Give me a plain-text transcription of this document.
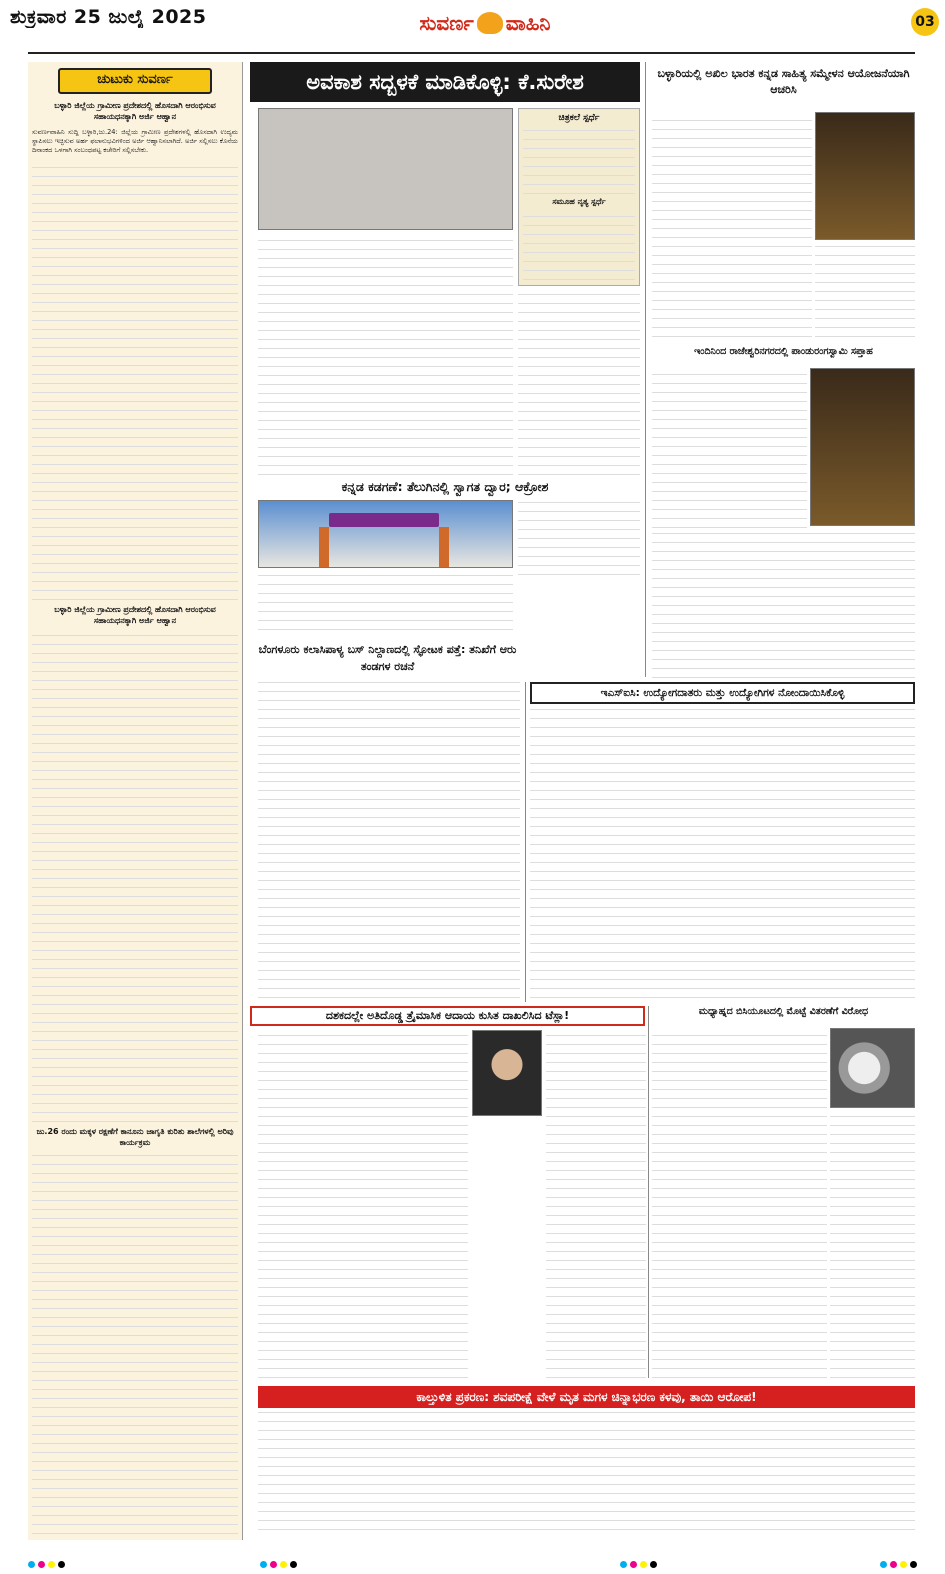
ಶುಕ್ರವಾರ 25 ಜುಲೈ 2025	ಸುವರ್ಣ ವಾಹಿನಿ	03
ಚುಟುಕು ಸುವರ್ಣ
ಬಳ್ಳಾರಿ ಜಿಲ್ಲೆಯ ಗ್ರಾಮೀಣ ಪ್ರದೇಶದಲ್ಲಿ ಹೊಸದಾಗಿ ಆರಂಭಿಸುವ ಸಹಾಯಧನಕ್ಕಾಗಿ ಅರ್ಜಿ ಆಹ್ವಾನ
ಸುವರ್ಣವಾಹಿನಿ ಸುದ್ದಿ ಬಳ್ಳಾರಿ,ಜು.24: ಜಿಲ್ಲೆಯ ಗ್ರಾಮೀಣ ಪ್ರದೇಶಗಳಲ್ಲಿ ಹೊಸದಾಗಿ ಉದ್ಯಮ ಸ್ಥಾಪಿಸಲು ಇಚ್ಛಿಸುವ ಅರ್ಹ ಫಲಾನುಭವಿಗಳಿಂದ ಅರ್ಜಿ ಆಹ್ವಾನಿಸಲಾಗಿದೆ. ಅರ್ಜಿ ಸಲ್ಲಿಸಲು ಕೊನೆಯ ದಿನಾಂಕದ ಒಳಗಾಗಿ ಸಂಬಂಧಪಟ್ಟ ಕಚೇರಿಗೆ ಸಲ್ಲಿಸಬೇಕು.
ಬಳ್ಳಾರಿ ಜಿಲ್ಲೆಯ ಗ್ರಾಮೀಣ ಪ್ರದೇಶದಲ್ಲಿ ಹೊಸದಾಗಿ ಆರಂಭಿಸುವ ಸಹಾಯಧನಕ್ಕಾಗಿ ಅರ್ಜಿ ಆಹ್ವಾನ
ಜು.26 ರಂದು ಮಕ್ಕಳ ರಕ್ಷಣೆಗೆ ಕಾನೂನು ಜಾಗೃತಿ ಕುರಿತು ಶಾಲೆಗಳಲ್ಲಿ ಅರಿವು ಕಾರ್ಯಕ್ರಮ
ಅವಕಾಶ ಸದ್ಬಳಕೆ ಮಾಡಿಕೊಳ್ಳಿ: ಕೆ.ಸುರೇಶ
ಚಿತ್ರಕಲೆ ಸ್ಪರ್ಧೆ
ಸಮೂಹ ನೃತ್ಯ ಸ್ಪರ್ಧೆ
ಕನ್ನಡ ಕಡಗಣೆ: ತೆಲುಗಿನಲ್ಲಿ ಸ್ವಾಗತ ದ್ವಾರ; ಆಕ್ರೋಶ
ಬೆಂಗಳೂರು ಕಲಾಸಿಪಾಳ್ಯ ಬಸ್ ನಿಲ್ದಾಣದಲ್ಲಿ ಸ್ಫೋಟಕ ಪತ್ತೆ: ತನಿಖೆಗೆ ಆರು ತಂಡಗಳ ರಚನೆ
ದಶಕದಲ್ಲೇ ಅತಿದೊಡ್ಡ ತ್ರೈಮಾಸಿಕ ಆದಾಯ ಕುಸಿತ ದಾಖಲಿಸಿದ ಟೆಸ್ಲಾ!
ಕಾಲ್ತುಳಿತ ಪ್ರಕರಣ: ಶವಪರೀಕ್ಷೆ ವೇಳೆ ಮೃತ ಮಗಳ ಚಿನ್ನಾಭರಣ ಕಳವು, ತಾಯಿ ಆರೋಪ!
ಬಳ್ಳಾರಿಯಲ್ಲಿ ಅಖಿಲ ಭಾರತ ಕನ್ನಡ ಸಾಹಿತ್ಯ ಸಮ್ಮೇಳನ ಆಯೋಜನೆಯಾಗಿ ಆಚರಿಸಿ
ಇಂದಿನಿಂದ ರಾಜೇಶ್ವರಿನಗರದಲ್ಲಿ ಪಾಂಡುರಂಗಸ್ವಾಮಿ ಸಪ್ತಾಹ
ಇಎಸ್ಐಸಿ: ಉದ್ಯೋಗದಾತರು ಮತ್ತು ಉದ್ಯೋಗಿಗಳ ನೋಂದಾಯಿಸಿಕೊಳ್ಳಿ
ಮಧ್ಯಾಹ್ನದ ಬಿಸಿಯೂಟದಲ್ಲಿ ಮೊಟ್ಟೆ ವಿತರಣೆಗೆ ವಿರೋಧ
